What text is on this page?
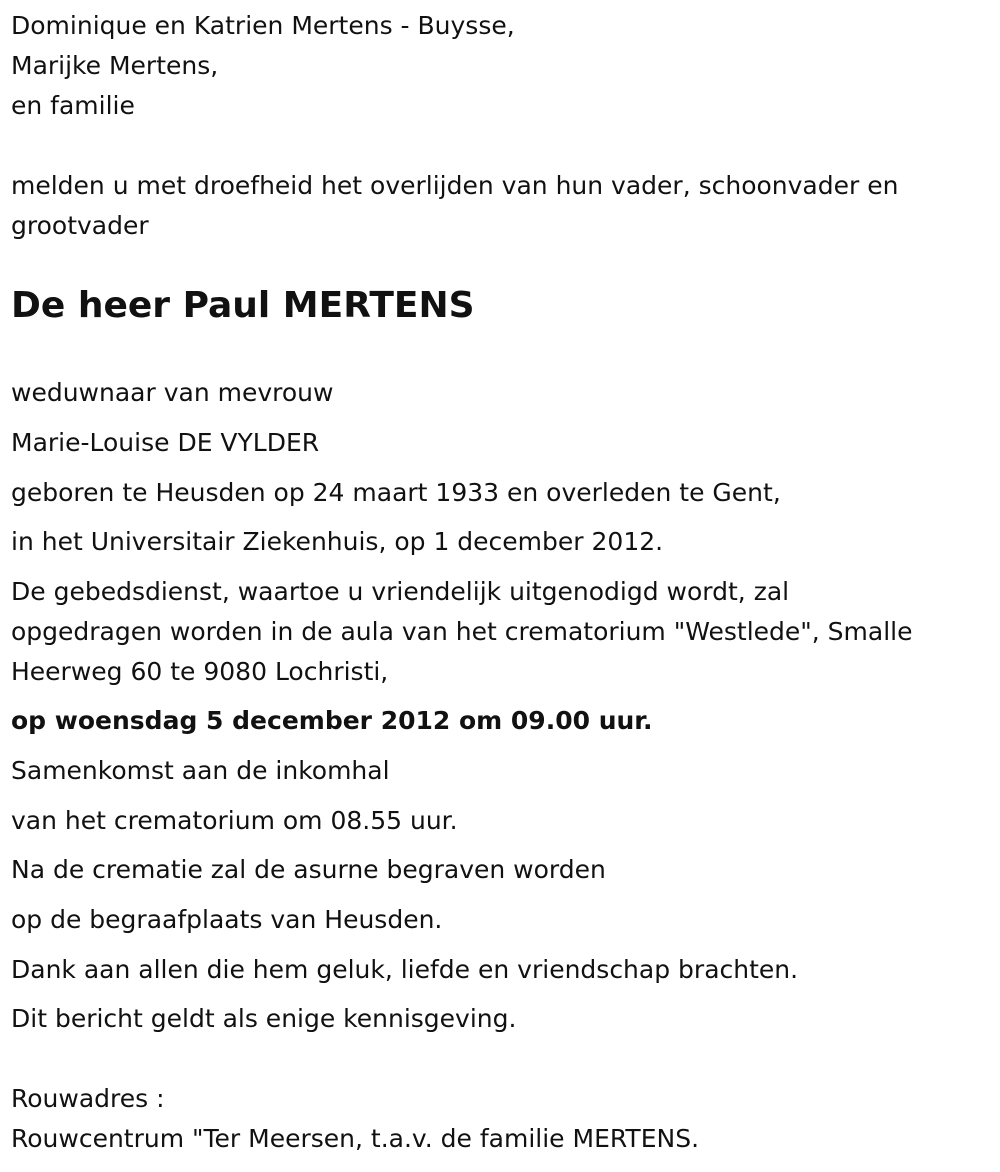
Dominique en Katrien Mertens - Buysse,

Marijke Mertens,

en familie

melden u met droefheid het overlijden van hun vader, schoonvader en

grootvader

De heer Paul MERTENS

weduwnaar van mevrouw

Marie-Louise DE VYLDER

geboren te Heusden op 24 maart 1933 en overleden te Gent,

in het Universitair Ziekenhuis, op 1 december 2012.

De gebedsdienst, waartoe u vriendelijk uitgenodigd wordt, zal

opgedragen worden in de aula van het crematorium "Westlede", Smalle

Heerweg 60 te 9080 Lochristi,

op woensdag 5 december 2012 om 09.00 uur.

Samenkomst aan de inkomhal

van het crematorium om 08.55 uur.

Na de crematie zal de asurne begraven worden

op de begraafplaats van Heusden.

Dank aan allen die hem geluk, liefde en vriendschap brachten.

Dit bericht geldt als enige kennisgeving.

Rouwadres :

Rouwcentrum "Ter Meersen, t.a.v. de familie MERTENS.
